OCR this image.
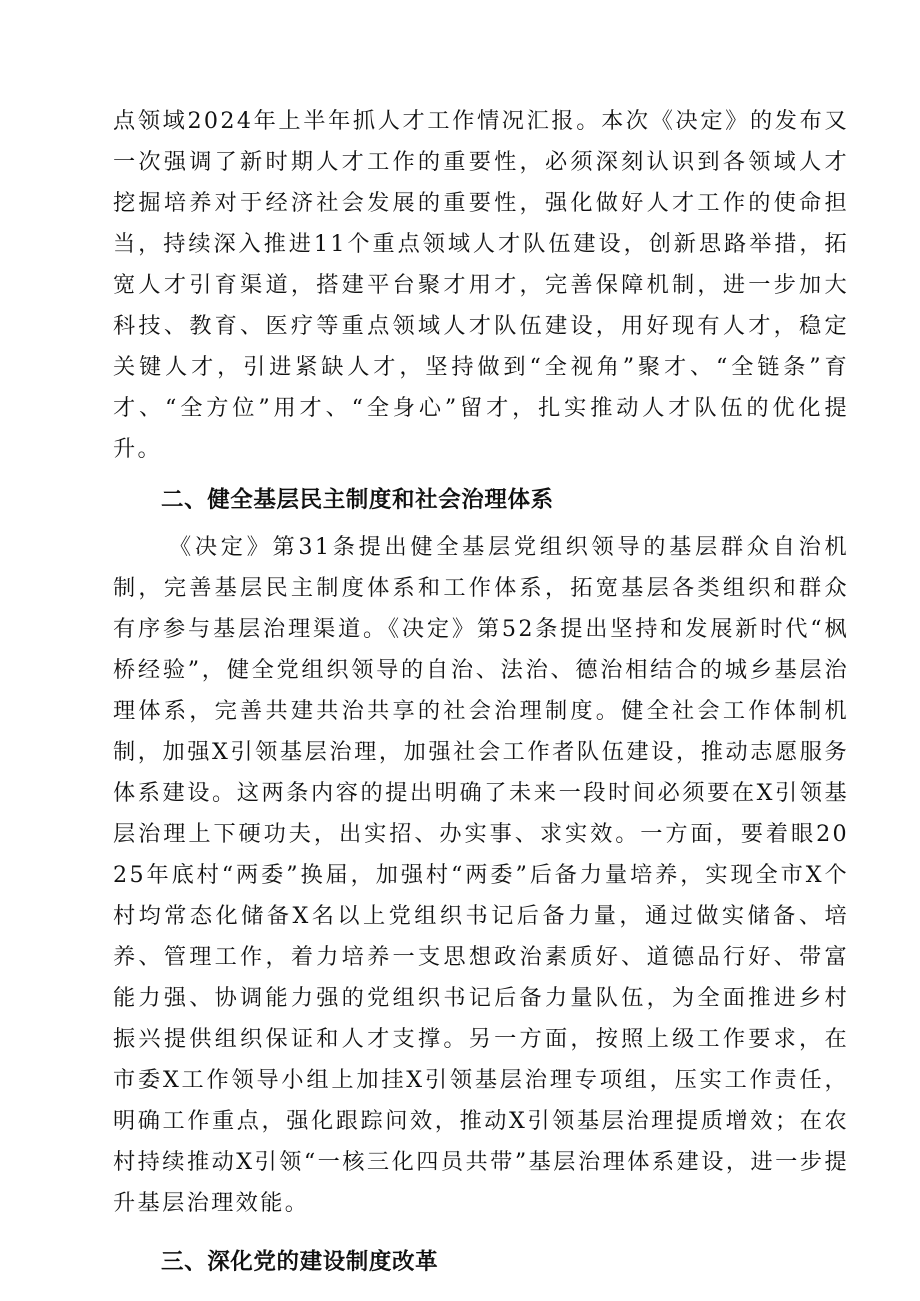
点领域2024年上半年抓人才工作情况汇报。本次《决定》的发布又一次强调了新时期人才工作的重要性，必须深刻认识到各领域人才挖掘培养对于经济社会发展的重要性，强化做好人才工作的使命担当，持续深入推进11个重点领域人才队伍建设，创新思路举措，拓宽人才引育渠道，搭建平台聚才用才，完善保障机制，进一步加大科技、教育、医疗等重点领域人才队伍建设，用好现有人才，稳定关键人才，引进紧缺人才，坚持做到“全视角”聚才、“全链条”育才、“全方位”用才、“全身心”留才，扎实推动人才队伍的优化提升。

二、健全基层民主制度和社会治理体系

《决定》第31条提出健全基层党组织领导的基层群众自治机制，完善基层民主制度体系和工作体系，拓宽基层各类组织和群众有序参与基层治理渠道。《决定》第52条提出坚持和发展新时代“枫桥经验”，健全党组织领导的自治、法治、德治相结合的城乡基层治理体系，完善共建共治共享的社会治理制度。健全社会工作体制机制，加强X引领基层治理，加强社会工作者队伍建设，推动志愿服务体系建设。这两条内容的提出明确了未来一段时间必须要在X引领基层治理上下硬功夫，出实招、办实事、求实效。一方面，要着眼2025年底村“两委”换届，加强村“两委”后备力量培养，实现全市X个村均常态化储备X名以上党组织书记后备力量，通过做实储备、培养、管理工作，着力培养一支思想政治素质好、道德品行好、带富能力强、协调能力强的党组织书记后备力量队伍，为全面推进乡村振兴提供组织保证和人才支撑。另一方面，按照上级工作要求，在市委X工作领导小组上加挂X引领基层治理专项组，压实工作责任，明确工作重点，强化跟踪问效，推动X引领基层治理提质增效；在农村持续推动X引领“一核三化四员共带”基层治理体系建设，进一步提升基层治理效能。

三、深化党的建设制度改革
